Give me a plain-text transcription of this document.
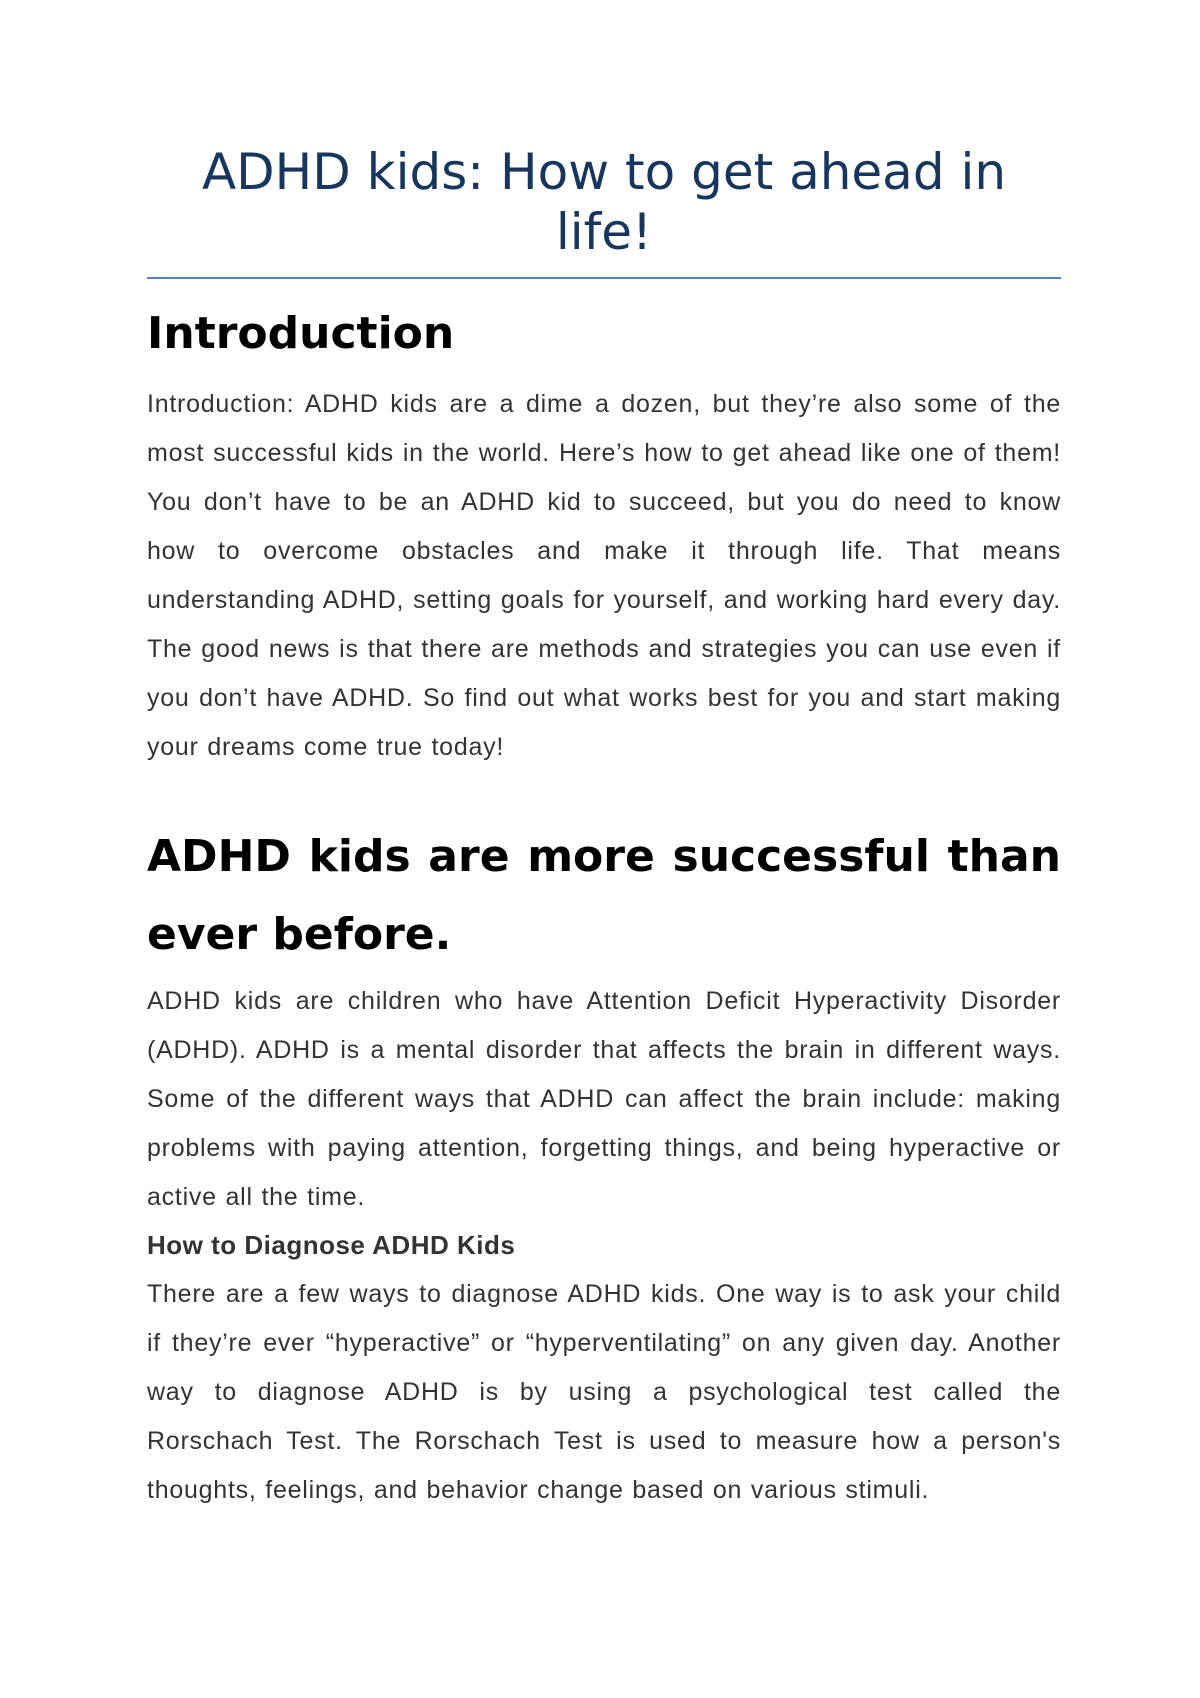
ADHD kids: How to get ahead in life!
Introduction

Introduction: ADHD kids are a dime a dozen, but they’re also some of the most successful kids in the world. Here’s how to get ahead like one of them! You don’t have to be an ADHD kid to succeed, but you do need to know how to overcome obstacles and make it through life. That means understanding ADHD, setting goals for yourself, and working hard every day. The good news is that there are methods and strategies you can use even if you don’t have ADHD. So find out what works best for you and start making your dreams come true today!

ADHD kids are more successful than ever before.

ADHD kids are children who have Attention Deficit Hyperactivity Disorder (ADHD). ADHD is a mental disorder that affects the brain in different ways. Some of the different ways that ADHD can affect the brain include: making problems with paying attention, forgetting things, and being hyperactive or active all the time.

How to Diagnose ADHD Kids

There are a few ways to diagnose ADHD kids. One way is to ask your child if they’re ever “hyperactive” or “hyperventilating” on any given day. Another way to diagnose ADHD is by using a psychological test called the Rorschach Test. The Rorschach Test is used to measure how a person's thoughts, feelings, and behavior change based on various stimuli.
